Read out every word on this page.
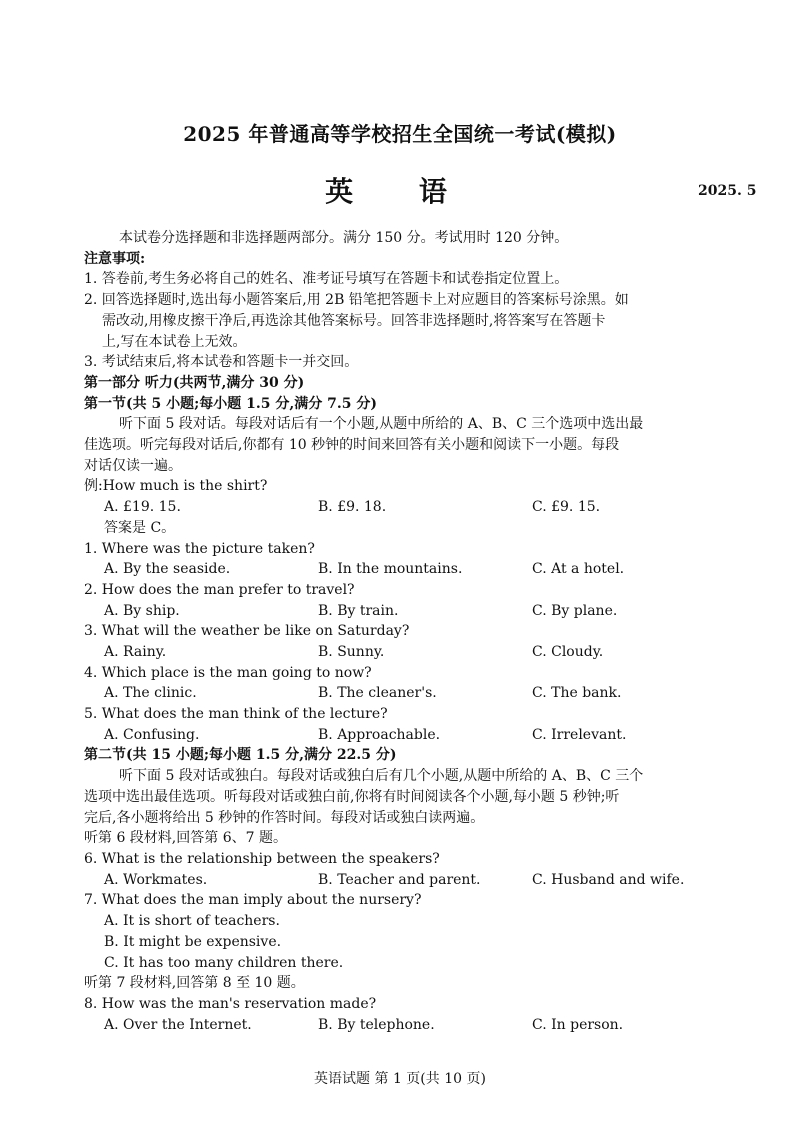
2025 年普通高等学校招生全国统一考试(模拟)
英 语	2025. 5
本试卷分选择题和非选择题两部分。满分 150 分。考试用时 120 分钟。
注意事项:
1. 答卷前,考生务必将自己的姓名、准考证号填写在答题卡和试卷指定位置上。
2. 回答选择题时,选出每小题答案后,用 2B 铅笔把答题卡上对应题目的答案标号涂黑。如
需改动,用橡皮擦干净后,再选涂其他答案标号。回答非选择题时,将答案写在答题卡
上,写在本试卷上无效。
3. 考试结束后,将本试卷和答题卡一并交回。
第一部分 听力(共两节,满分 30 分)
第一节(共 5 小题;每小题 1.5 分,满分 7.5 分)
听下面 5 段对话。每段对话后有一个小题,从题中所给的 A、B、C 三个选项中选出最
佳选项。听完每段对话后,你都有 10 秒钟的时间来回答有关小题和阅读下一小题。每段
对话仅读一遍。
例:How much is the shirt?
A. £19. 15.	B. £9. 18.	C. £9. 15.
答案是 C。
1. Where was the picture taken?
A. By the seaside.	B. In the mountains.	C. At a hotel.
2. How does the man prefer to travel?
A. By ship.	B. By train.	C. By plane.
3. What will the weather be like on Saturday?
A. Rainy.	B. Sunny.	C. Cloudy.
4. Which place is the man going to now?
A. The clinic.	B. The cleaner's.	C. The bank.
5. What does the man think of the lecture?
A. Confusing.	B. Approachable.	C. Irrelevant.
第二节(共 15 小题;每小题 1.5 分,满分 22.5 分)
听下面 5 段对话或独白。每段对话或独白后有几个小题,从题中所给的 A、B、C 三个
选项中选出最佳选项。听每段对话或独白前,你将有时间阅读各个小题,每小题 5 秒钟;听
完后,各小题将给出 5 秒钟的作答时间。每段对话或独白读两遍。
听第 6 段材料,回答第 6、7 题。
6. What is the relationship between the speakers?
A. Workmates.	B. Teacher and parent.	C. Husband and wife.
7. What does the man imply about the nursery?
A. It is short of teachers.
B. It might be expensive.
C. It has too many children there.
听第 7 段材料,回答第 8 至 10 题。
8. How was the man's reservation made?
A. Over the Internet.	B. By telephone.	C. In person.
英语试题 第 1 页(共 10 页)
